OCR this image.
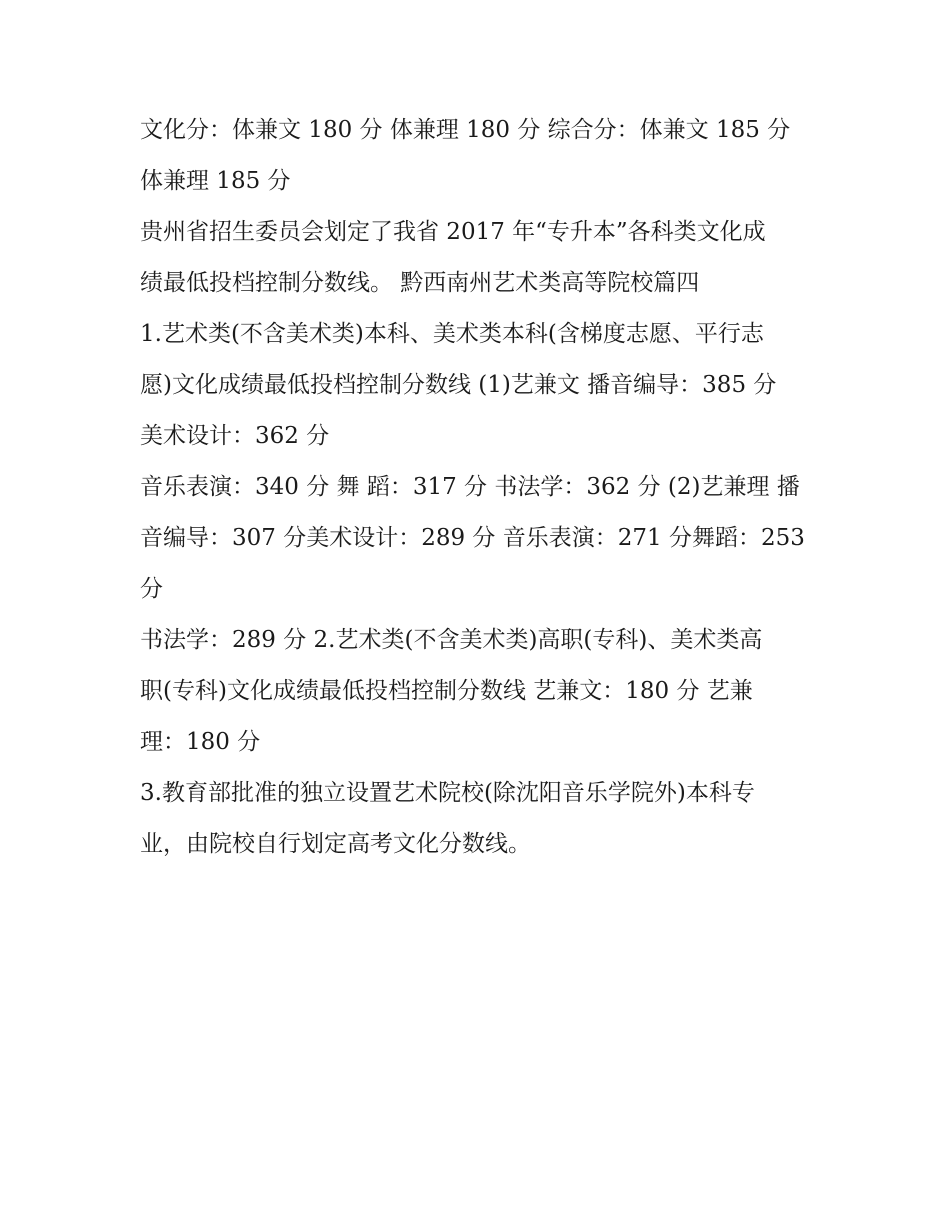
文化分：体兼文 180 分 体兼理 180 分 综合分：体兼文 185 分
体兼理 185 分
贵州省招生委员会划定了我省 2017 年“专升本”各科类文化成
绩最低投档控制分数线。 黔西南州艺术类高等院校篇四
1.艺术类(不含美术类)本科、美术类本科(含梯度志愿、平行志
愿)文化成绩最低投档控制分数线 (1)艺兼文 播音编导：385 分
美术设计：362 分
音乐表演：340 分 舞 蹈：317 分 书法学：362 分 (2)艺兼理 播
音编导：307 分美术设计：289 分 音乐表演：271 分舞蹈：253
分
书法学：289 分 2.艺术类(不含美术类)高职(专科)、美术类高
职(专科)文化成绩最低投档控制分数线 艺兼文：180 分 艺兼
理：180 分
3.教育部批准的独立设置艺术院校(除沈阳音乐学院外)本科专
业，由院校自行划定高考文化分数线。
